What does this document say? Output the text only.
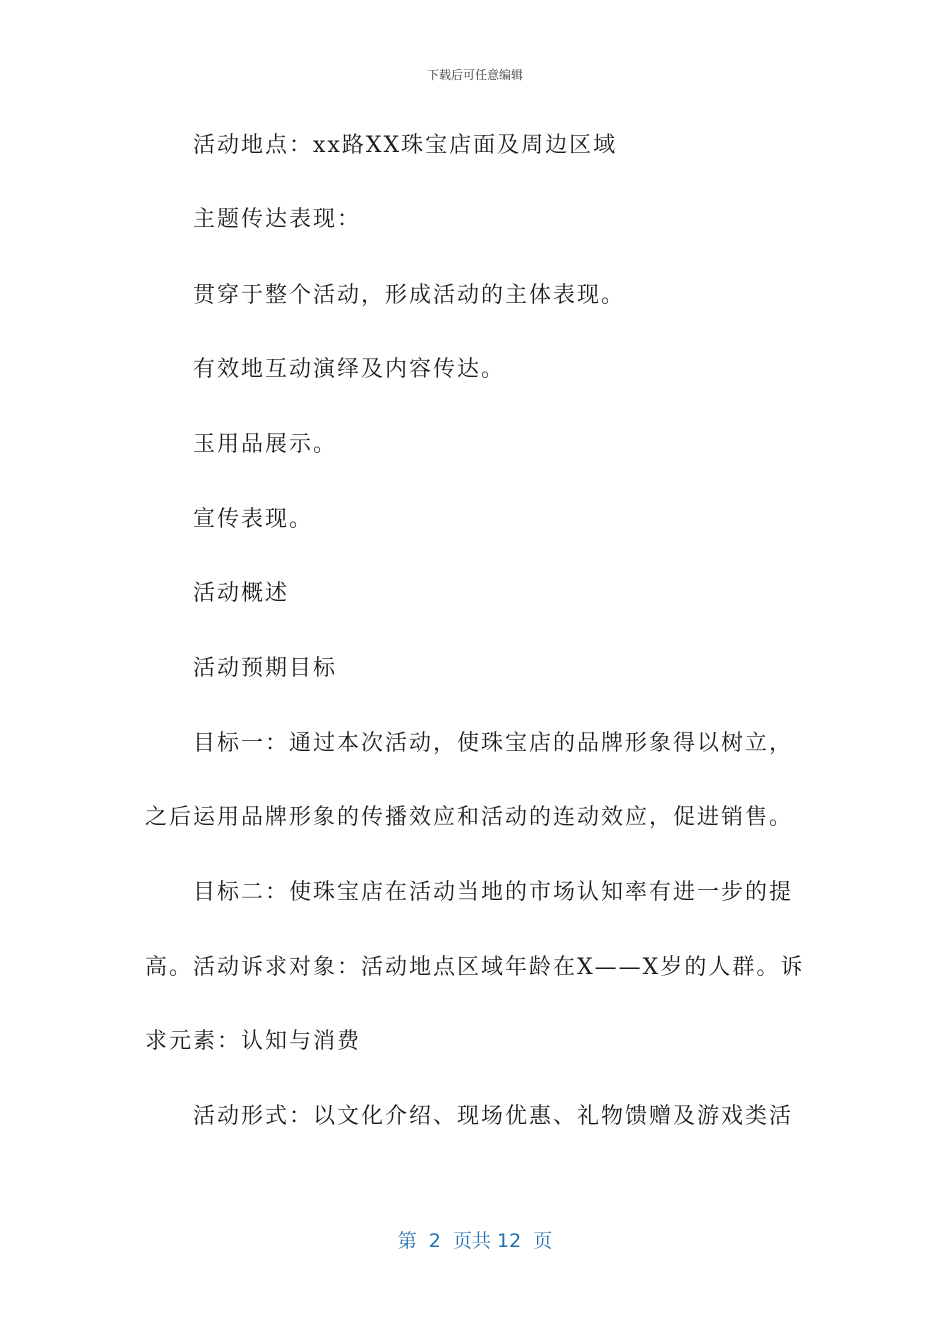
下载后可任意编辑
活动地点：xx路XX珠宝店面及周边区域
主题传达表现：
贯穿于整个活动，形成活动的主体表现。
有效地互动演绎及内容传达。
玉用品展示。
宣传表现。
活动概述
活动预期目标
目标一：通过本次活动，使珠宝店的品牌形象得以树立，
之后运用品牌形象的传播效应和活动的连动效应，促进销售。
目标二：使珠宝店在活动当地的市场认知率有进一步的提
高。活动诉求对象：活动地点区域年龄在X——X岁的人群。诉
求元素：认知与消费
活动形式：以文化介绍、现场优惠、礼物馈赠及游戏类活
第  2  页共 12  页
